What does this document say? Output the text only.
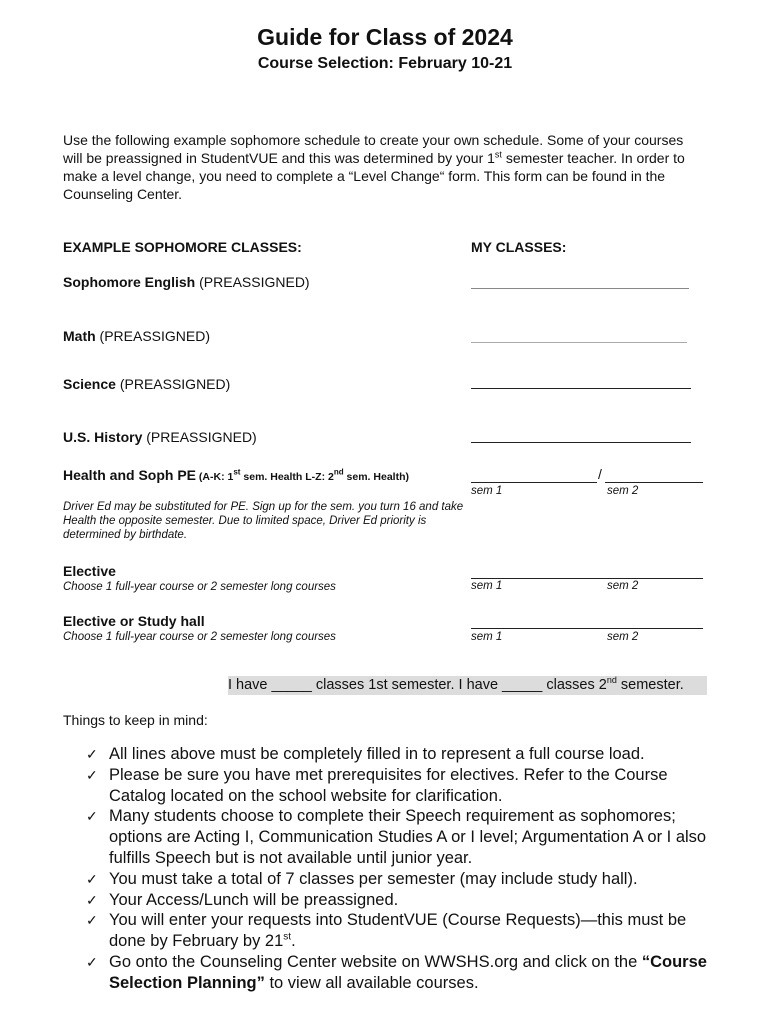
Guide for Class of 2024
Course Selection: February 10-21
Use the following example sophomore schedule to create your own schedule. Some of your courses will be preassigned in StudentVUE and this was determined by your 1st semester teacher. In order to make a level change, you need to complete a “Level Change“ form. This form can be found in the Counseling Center.
EXAMPLE SOPHOMORE CLASSES:	MY CLASSES:
Sophomore English (PREASSIGNED)
Math (PREASSIGNED)
Science (PREASSIGNED)
U.S. History (PREASSIGNED)
Health and Soph PE (A-K: 1st sem. Health L-Z: 2nd sem. Health)	/
sem 1	sem 2
Driver Ed may be substituted for PE. Sign up for the sem. you turn 16 and take Health the opposite semester. Due to limited space, Driver Ed priority is determined by birthdate.
Elective
Choose 1 full-year course or 2 semester long courses	sem 1	sem 2
Elective or Study hall
Choose 1 full-year course or 2 semester long courses	sem 1	sem 2
I have _____ classes 1st semester. I have _____ classes 2nd semester.
Things to keep in mind:
✓ All lines above must be completely filled in to represent a full course load.
✓ Please be sure you have met prerequisites for electives. Refer to the Course Catalog located on the school website for clarification.
✓ Many students choose to complete their Speech requirement as sophomores; options are Acting I, Communication Studies A or I level; Argumentation A or I also fulfills Speech but is not available until junior year.
✓ You must take a total of 7 classes per semester (may include study hall).
✓ Your Access/Lunch will be preassigned.
✓ You will enter your requests into StudentVUE (Course Requests)—this must be done by February by 21st.
✓ Go onto the Counseling Center website on WWSHS.org and click on the “Course Selection Planning” to view all available courses.
